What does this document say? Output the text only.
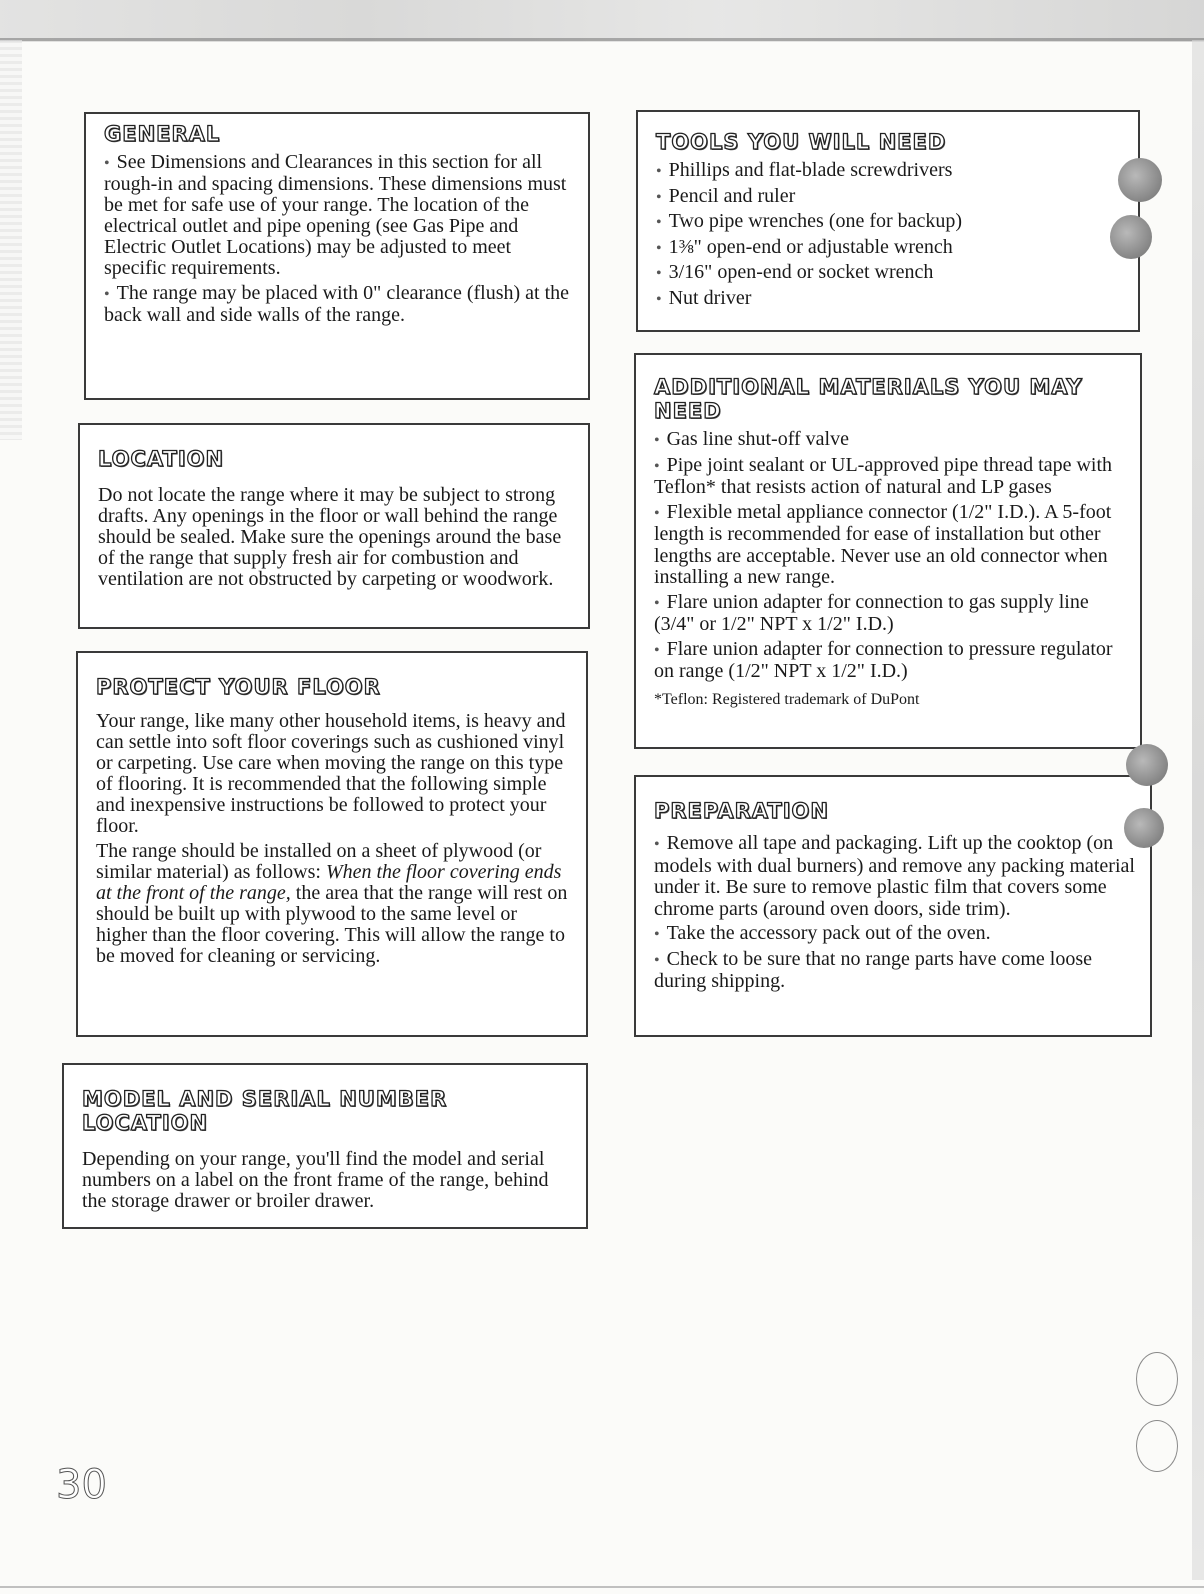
GENERAL

• See Dimensions and Clearances in this section for all rough-in and spacing dimensions. These dimensions must be met for safe use of your range. The location of the electrical outlet and pipe opening (see Gas Pipe and Electric Outlet Locations) may be adjusted to meet specific requirements.

• The range may be placed with 0" clearance (flush) at the back wall and side walls of the range.

LOCATION

Do not locate the range where it may be subject to strong drafts. Any openings in the floor or wall behind the range should be sealed. Make sure the openings around the base of the range that supply fresh air for combustion and ventilation are not obstructed by carpeting or woodwork.

PROTECT YOUR FLOOR

Your range, like many other household items, is heavy and can settle into soft floor coverings such as cushioned vinyl or carpeting. Use care when moving the range on this type of flooring. It is recommended that the following simple and inexpensive instructions be followed to protect your floor.

The range should be installed on a sheet of plywood (or similar material) as follows: When the floor covering ends at the front of the range, the area that the range will rest on should be built up with plywood to the same level or higher than the floor covering. This will allow the range to be moved for cleaning or servicing.

MODEL AND SERIAL NUMBER LOCATION

Depending on your range, you'll find the model and serial numbers on a label on the front frame of the range, behind the storage drawer or broiler drawer.

TOOLS YOU WILL NEED
• Phillips and flat-blade screwdrivers
• Pencil and ruler
• Two pipe wrenches (one for backup)
• 1⅜" open-end or adjustable wrench
• 3/16" open-end or socket wrench
• Nut driver
ADDITIONAL MATERIALS YOU MAY NEED
• Gas line shut-off valve
• Pipe joint sealant or UL-approved pipe thread tape with Teflon* that resists action of natural and LP gases
• Flexible metal appliance connector (1/2" I.D.). A 5-foot length is recommended for ease of installation but other lengths are acceptable. Never use an old connector when installing a new range.
• Flare union adapter for connection to gas supply line (3/4" or 1/2" NPT x 1/2" I.D.)
• Flare union adapter for connection to pressure regulator on range (1/2" NPT x 1/2" I.D.)

*Teflon: Registered trademark of DuPont

PREPARATION
• Remove all tape and packaging. Lift up the cooktop (on models with dual burners) and remove any packing material under it. Be sure to remove plastic film that covers some chrome parts (around oven doors, side trim).
• Take the accessory pack out of the oven.
• Check to be sure that no range parts have come loose during shipping.
30
